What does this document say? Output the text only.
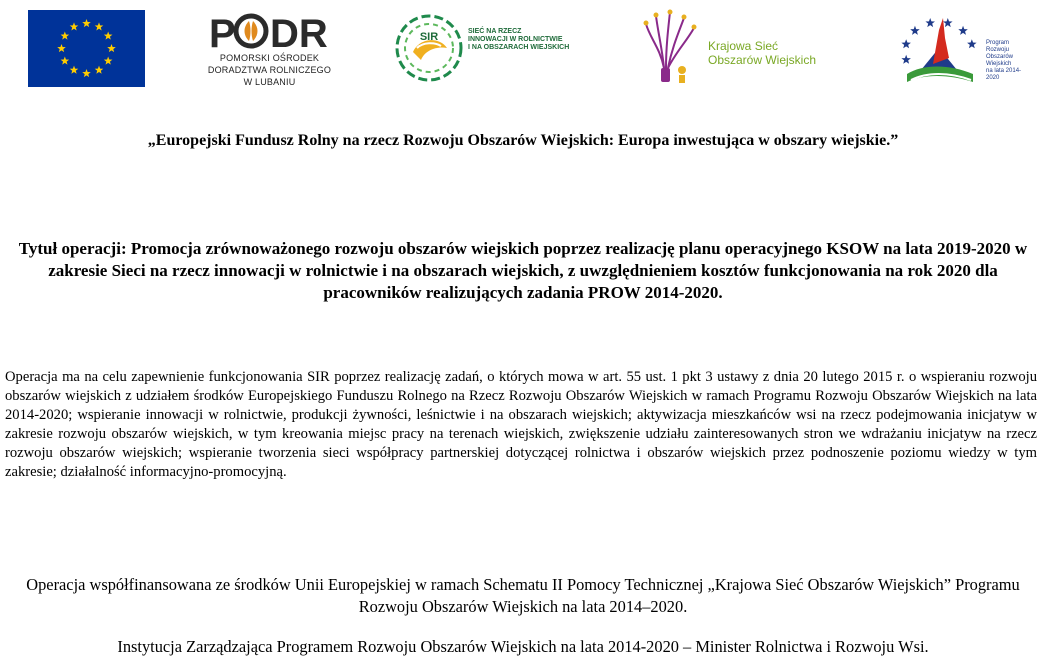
P DR
POMORSKI OŚRODEK
DORADZTWA ROLNICZEGO
W LUBANIU
SIR	SIEĆ NA RZECZ
INNOWACJI W ROLNICTWIE
I NA OBSZARACH WIEJSKICH	Krajowa Sieć
Obszarów Wiejskich
Program
Rozwoju
Obszarów
Wiejskich
na lata 2014-2020
„Europejski Fundusz Rolny na rzecz Rozwoju Obszarów Wiejskich: Europa inwestująca w obszary wiejskie.”
Tytuł operacji: Promocja zrównoważonego rozwoju obszarów wiejskich poprzez realizację planu operacyjnego KSOW na lata 2019-2020 w zakresie Sieci na rzecz innowacji w rolnictwie i na obszarach wiejskich, z uwzględnieniem kosztów funkcjonowania na rok 2020 dla pracowników realizujących zadania PROW 2014-2020.
Operacja ma na celu zapewnienie funkcjonowania SIR poprzez realizację zadań, o których mowa w art. 55 ust. 1 pkt 3 ustawy z dnia 20 lutego 2015 r. o wspieraniu rozwoju obszarów wiejskich z udziałem środków Europejskiego Funduszu Rolnego na Rzecz Rozwoju Obszarów Wiejskich w ramach Programu Rozwoju Obszarów Wiejskich na lata 2014-2020; wspieranie innowacji w rolnictwie, produkcji żywności, leśnictwie i na obszarach wiejskich; aktywizacja mieszkańców wsi na rzecz podejmowania inicjatyw w zakresie rozwoju obszarów wiejskich, w tym kreowania miejsc pracy na terenach wiejskich, zwiększenie udziału zainteresowanych stron we wdrażaniu inicjatyw na rzecz rozwoju obszarów wiejskich; wspieranie tworzenia sieci współpracy partnerskiej dotyczącej rolnictwa i obszarów wiejskich przez podnoszenie poziomu wiedzy w tym zakresie; działalność informacyjno-promocyjną.
Operacja współfinansowana ze środków Unii Europejskiej w ramach Schematu II Pomocy Technicznej „Krajowa Sieć Obszarów Wiejskich” Programu Rozwoju Obszarów Wiejskich na lata 2014–2020.
Instytucja Zarządzająca Programem Rozwoju Obszarów Wiejskich na lata 2014-2020 – Minister Rolnictwa i Rozwoju Wsi.
